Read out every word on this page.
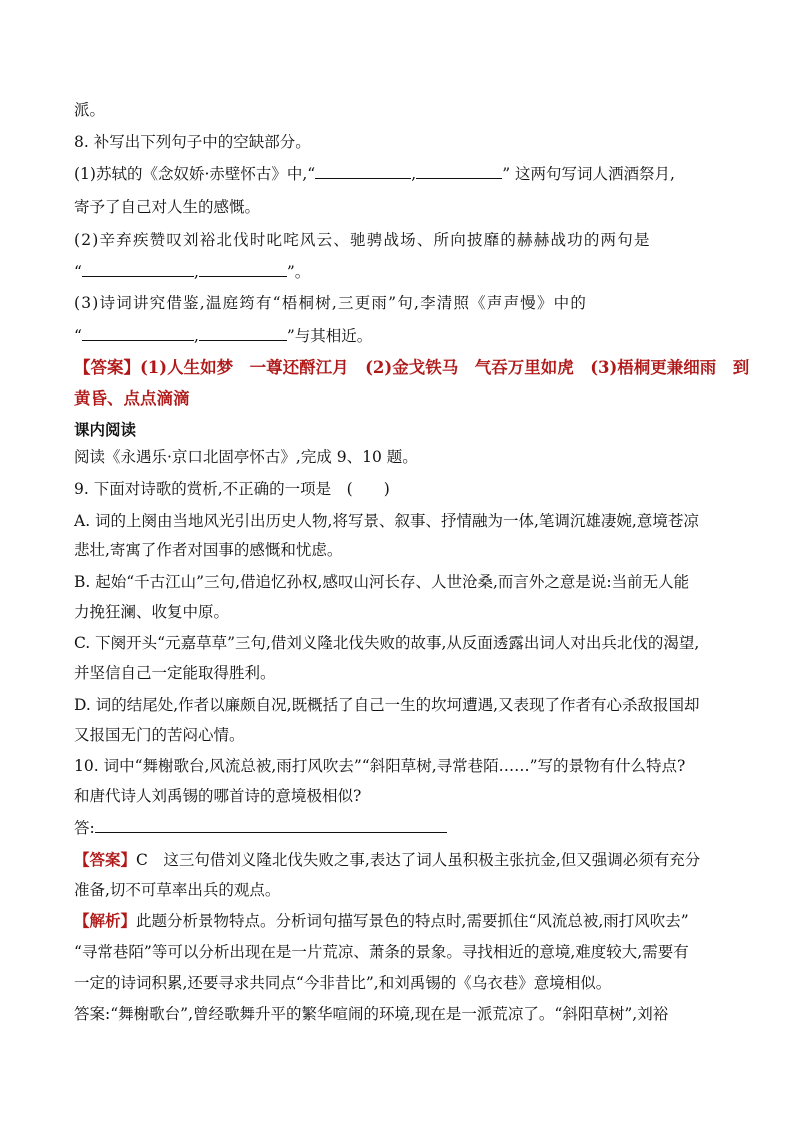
派。
8. 补写出下列句子中的空缺部分。
(1)苏轼的《念奴娇·赤壁怀古》中,“	,	” 这两句写词人洒酒祭月,
寄予了自己对人生的感慨。
(2)辛弃疾赞叹刘裕北伐时叱咤风云、驰骋战场、所向披靡的赫赫战功的两句是
“	,	”。
(3)诗词讲究借鉴,温庭筠有“梧桐树,三更雨”句,李清照《声声慢》中的
“	,	”与其相近。
【答案】(1)人生如梦　一尊还酹江月　(2)金戈铁马　气吞万里如虎　(3)梧桐更兼细雨　到
黄昏、点点滴滴
课内阅读
阅读《永遇乐·京口北固亭怀古》,完成 9、10 题。
9. 下面对诗歌的赏析,不正确的一项是　(　　)
A. 词的上阕由当地风光引出历史人物,将写景、叙事、抒情融为一体,笔调沉雄凄婉,意境苍凉
悲壮,寄寓了作者对国事的感慨和忧虑。
B. 起始“千古江山”三句,借追忆孙权,感叹山河长存、人世沧桑,而言外之意是说:当前无人能
力挽狂澜、收复中原。
C. 下阕开头“元嘉草草”三句,借刘义隆北伐失败的故事,从反面透露出词人对出兵北伐的渴望,
并坚信自己一定能取得胜利。
D. 词的结尾处,作者以廉颇自况,既概括了自己一生的坎坷遭遇,又表现了作者有心杀敌报国却
又报国无门的苦闷心情。
10. 词中“舞榭歌台,风流总被,雨打风吹去”“斜阳草树,寻常巷陌……”写的景物有什么特点?
和唐代诗人刘禹锡的哪首诗的意境极相似?
答:
【答案】C　这三句借刘义隆北伐失败之事,表达了词人虽积极主张抗金,但又强调必须有充分
准备,切不可草率出兵的观点。
【解析】此题分析景物特点。分析词句描写景色的特点时,需要抓住“风流总被,雨打风吹去”
“寻常巷陌”等可以分析出现在是一片荒凉、萧条的景象。寻找相近的意境,难度较大,需要有
一定的诗词积累,还要寻求共同点“今非昔比”,和刘禹锡的《乌衣巷》意境相似。
答案:“舞榭歌台”,曾经歌舞升平的繁华喧闹的环境,现在是一派荒凉了。“斜阳草树”,刘裕
